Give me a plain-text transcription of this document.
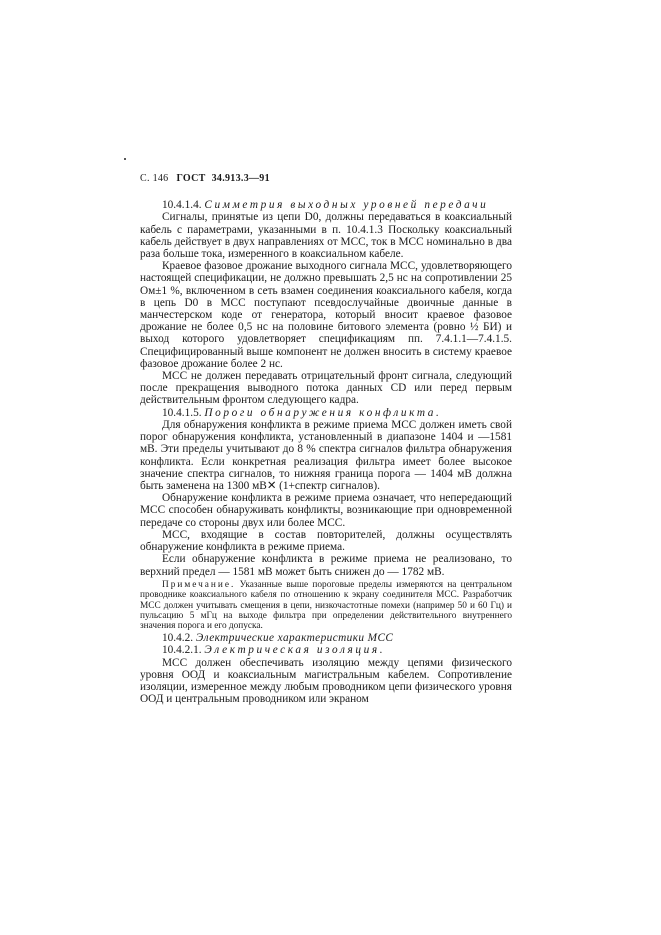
С. 146 ГОСТ 34.913.3—91
10.4.1.4. Симметрия выходных уровней передачи

Сигналы, принятые из цепи D0, должны передаваться в коаксиальный кабель с параметрами, указанными в п. 10.4.1.3 Поскольку коаксиальный кабель действует в двух направлениях от МСС, ток в МСС номинально в два раза больше тока, измеренного в коаксиальном кабеле.

Краевое фазовое дрожание выходного сигнала МСС, удовлетворяющего настоящей спецификации, не должно превышать 2,5 нс на сопротивлении 25 Ом±1 %, включенном в сеть взамен соединения коаксиального кабеля, когда в цепь D0 в МСС поступают псевдослучайные двоичные данные в манчестерском коде от генератора, который вносит краевое фазовое дрожание не более 0,5 нс на половине битового элемента (ровно ½ БИ) и выход которого удовлетворяет спецификациям пп. 7.4.1.1—7.4.1.5. Специфицированный выше компонент не должен вносить в систему краевое фазовое дрожание более 2 нс.

МСС не должен передавать отрицательный фронт сигнала, следующий после прекращения выводного потока данных CD или перед первым действительным фронтом следующего кадра.

10.4.1.5. Пороги обнаружения конфликта.

Для обнаружения конфликта в режиме приема МСС должен иметь свой порог обнаружения конфликта, установленный в диапазоне 1404 и —1581 мВ. Эти пределы учитывают до 8 % спектра сигналов фильтра обнаружения конфликта. Если конкретная реализация фильтра имеет более высокое значение спектра сигналов, то нижняя граница порога — 1404 мВ должна быть заменена на 1300 мВ✕ (1+спектр сигналов).

Обнаружение конфликта в режиме приема означает, что непередающий МСС способен обнаруживать конфликты, возникающие при одновременной передаче со стороны двух или более МСС.

МСС, входящие в состав повторителей, должны осуществлять обнаружение конфликта в режиме приема.

Если обнаружение конфликта в режиме приема не реализовано, то верхний предел — 1581 мВ может быть снижен до — 1782 мВ.

Примечание. Указанные выше пороговые пределы измеряются на центральном проводнике коаксиального кабеля по отношению к экрану соединителя МСС. Разработчик МСС должен учитывать смещения в цепи, низкочастотные помехи (например 50 и 60 Гц) и пульсацию 5 мГц на выходе фильтра при определении действительного внутреннего значения порога и его допуска.

10.4.2. Электрические характеристики МСС
10.4.2.1. Электрическая изоляция.

МСС должен обеспечивать изоляцию между цепями физического уровня ООД и коаксиальным магистральным кабелем. Сопротивление изоляции, измеренное между любым проводником цепи физического уровня ООД и центральным проводником или экраном
